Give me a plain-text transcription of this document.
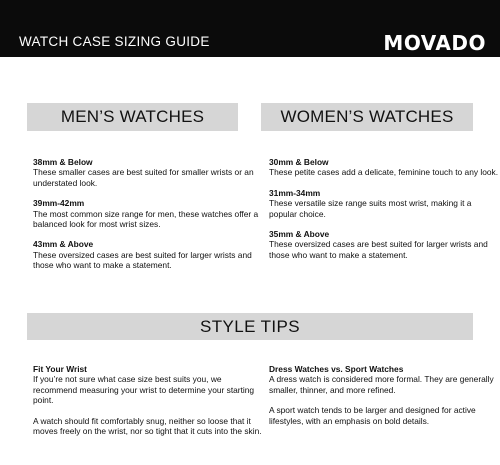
WATCH CASE SIZING GUIDE	MOVADO
MEN’S WATCHES	WOMEN’S WATCHES
38mm & Below
These smaller cases are best suited for smaller wrists or an understated look.
39mm-42mm
The most common size range for men, these watches offer a balanced look for most wrist sizes.
43mm & Above
These oversized cases are best suited for larger wrists and those who want to make a statement.
30mm & Below
These petite cases add a delicate, feminine touch to any look.
31mm-34mm
These versatile size range suits most wrist, making it a popular choice.
35mm & Above
These oversized cases are best suited for larger wrists and those who want to make a statement.
STYLE TIPS
Fit Your Wrist
If you’re not sure what case size best suits you, we recommend measuring your wrist to determine your starting point.
A watch should fit comfortably snug, neither so loose that it moves freely on the wrist, nor so tight that it cuts into the skin.
Dress Watches vs. Sport Watches
A dress watch is considered more formal. They are generally smaller, thinner, and more refined.
A sport watch tends to be larger and designed for active lifestyles, with an emphasis on bold details.
